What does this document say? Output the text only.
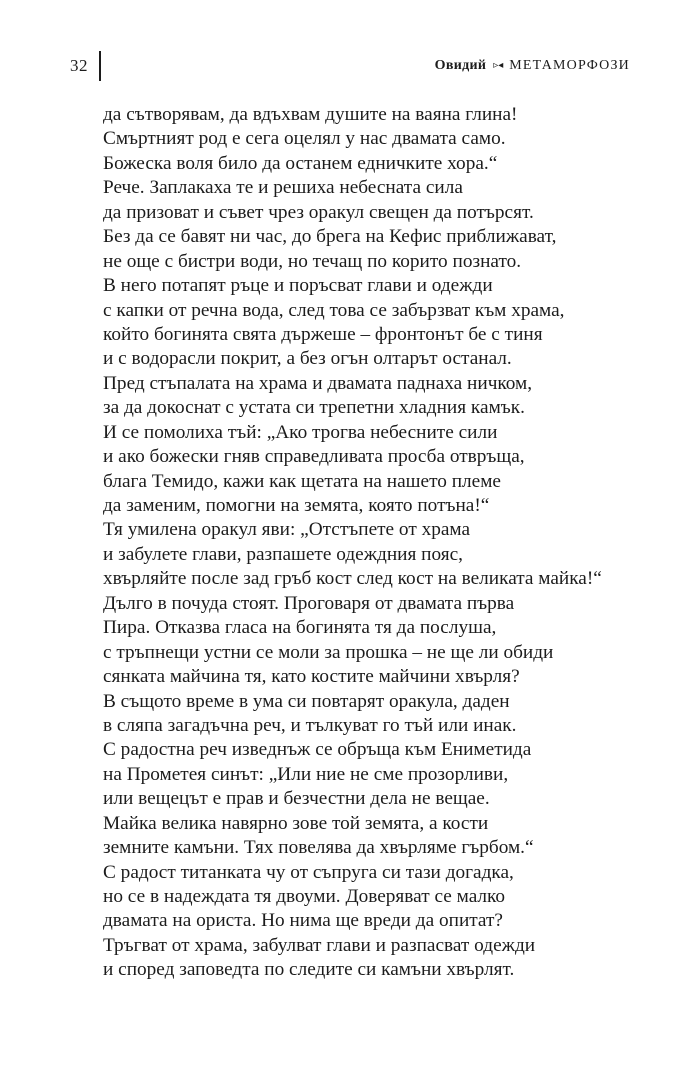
32	Овидий ▹◂ МЕТАМОРФОЗИ
да сътворявам, да вдъхвам душите на ваяна глина!
Смъртният род е сега оцелял у нас двамата само.
Божеска воля било да останем едничките хора.“
Рече. Заплакаха те и решиха небесната сила
да призоват и съвет чрез оракул свещен да потърсят.
Без да се бавят ни час, до брега на Кефис приближават,
не още с бистри води, но течащ по корито познато.
В него потапят ръце и поръсват глави и одежди
с капки от речна вода, след това се забързват към храма,
който богинята свята държеше – фронтонът бе с тиня
и с водорасли покрит, а без огън олтарът останал.
Пред стъпалата на храма и двамата паднаха ничком,
за да докоснат с устата си трепетни хладния камък.
И се помолиха тъй: „Ако трогва небесните сили
и ако божески гняв справедливата просба отвръща,
блага Темидо, кажи как щетата на нашето племе
да заменим, помогни на земята, която потъна!“
Тя умилена оракул яви: „Отстъпете от храма
и забулете глави, разпашете одеждния пояс,
хвърляйте после зад гръб кост след кост на великата майка!“
Дълго в почуда стоят. Проговаря от двамата първа
Пира. Отказва гласа на богинята тя да послуша,
с тръпнещи устни се моли за прошка – не ще ли обиди
сянката майчина тя, като костите майчини хвърля?
В същото време в ума си повтарят оракула, даден
в сляпа загадъчна реч, и тълкуват го тъй или инак.
С радостна реч изведнъж се обръща към Ениметида
на Прометея синът: „Или ние не сме прозорливи,
или вещецът е прав и безчестни дела не вещае.
Майка велика навярно зове той земята, а кости
земните камъни. Тях повелява да хвърляме гърбом.“
С радост титанката чу от съпруга си тази догадка,
но се в надеждата тя двоуми. Доверяват се малко
двамата на ориста. Но нима ще вреди да опитат?
Тръгват от храма, забулват глави и разпасват одежди
и според заповедта по следите си камъни хвърлят.
